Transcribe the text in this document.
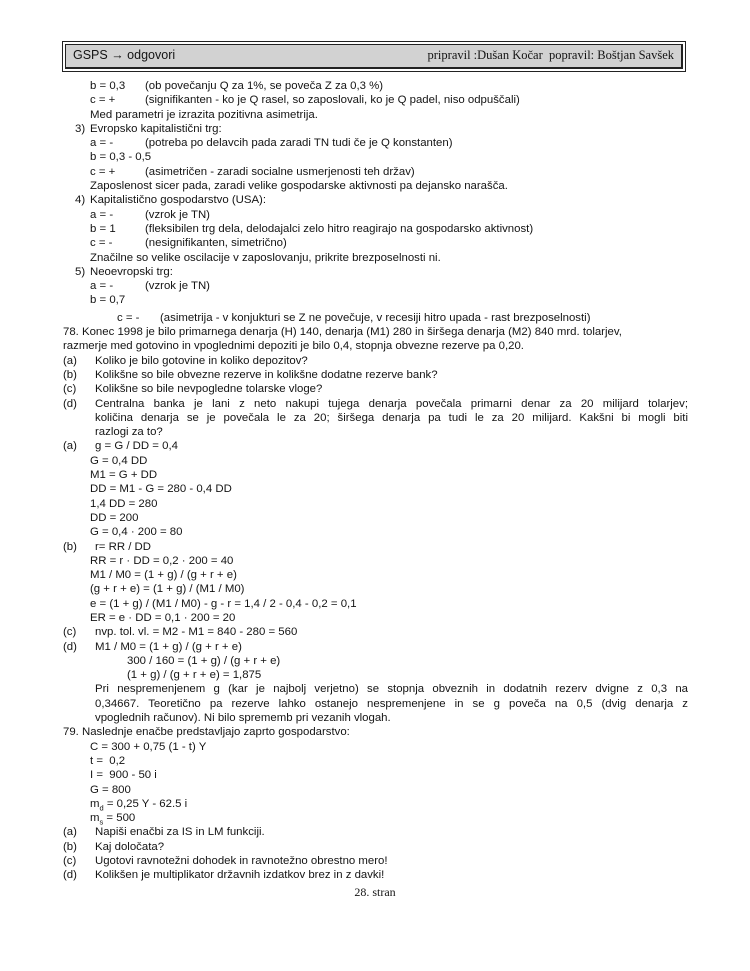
GSPS → odgovori	pripravil :Dušan Kočar  popravil: Boštjan Savšek
b = 0,3	(ob povečanju Q za 1%, se poveča Z za 0,3 %)
c = +	(signifikanten - ko je Q rasel, so zaposlovali, ko je Q padel, niso odpuščali)
Med parametri je izrazita pozitivna asimetrija.
3) Evropsko kapitalistični trg:
a = -	(potreba po delavcih pada zaradi TN tudi če je Q konstanten)
b = 0,3 - 0,5
c = +	(asimetričen - zaradi socialne usmerjenosti teh držav)
Zaposlenost sicer pada, zaradi velike gospodarske aktivnosti pa dejansko narašča.
4) Kapitalistično gospodarstvo (USA):
a = -	(vzrok je TN)
b = 1	(fleksibilen trg dela, delodajalci zelo hitro reagirajo na gospodarsko aktivnost)
c = -	(nesignifikanten, simetrično)
Značilne so velike oscilacije v zaposlovanju, prikrite brezposelnosti ni.
5) Neoevropski trg:
a = -	(vzrok je TN)
b = 0,7
c = -	(asimetrija - v konjukturi se Z ne povečuje, v recesiji hitro upada - rast brezposelnosti)
78. Konec 1998 je bilo primarnega denarja (H) 140, denarja (M1) 280 in širšega denarja (M2) 840 mrd. tolarjev,
razmerje med gotovino in vpoglednimi depoziti je bilo 0,4, stopnja obvezne rezerve pa 0,20.
(a)	Koliko je bilo gotovine in koliko depozitov?
(b)	Kolikšne so bile obvezne rezerve in kolikšne dodatne rezerve bank?
(c)	Kolikšne so bile nevpogledne tolarske vloge?
(d)	Centralna banka je lani z neto nakupi tujega denarja povečala primarni denar za 20 milijard tolarjev;
količina denarja se je povečala le za 20; širšega denarja pa tudi le za 20 milijard. Kakšni bi mogli biti
razlogi za to?
(a)	g = G / DD = 0,4
G = 0,4 DD
M1 = G + DD
DD = M1 - G = 280 - 0,4 DD
1,4 DD = 280
DD = 200
G = 0,4 · 200 = 80
(b)	r= RR / DD
RR = r · DD = 0,2 · 200 = 40
M1 / M0 = (1 + g) / (g + r + e)
(g + r + e) = (1 + g) / (M1 / M0)
e = (1 + g) / (M1 / M0) - g - r = 1,4 / 2 - 0,4 - 0,2 = 0,1
ER = e · DD = 0,1 · 200 = 20
(c)	nvp. tol. vl. = M2 - M1 = 840 - 280 = 560
(d)	M1 / M0 = (1 + g) / (g + r + e)
300 / 160 = (1 + g) / (g + r + e)
(1 + g) / (g + r + e) = 1,875
Pri nespremenjenem g (kar je najbolj verjetno) se stopnja obveznih in dodatnih rezerv dvigne z 0,3 na
0,34667. Teoretično pa rezerve lahko ostanejo nespremenjene in se g poveča na 0,5 (dvig denarja z
vpoglednih računov). Ni bilo sprememb pri vezanih vlogah.
79. Naslednje enačbe predstavljajo zaprto gospodarstvo:
C = 300 + 0,75 (1 - t) Y
t =  0,2
I =  900 - 50 i
G = 800
$m_d = 0,25$ Y - 62.5 i
$m_s = 500$
(a)	Napiši enačbi za IS in LM funkciji.
(b)	Kaj določata?
(c)	Ugotovi ravnotežni dohodek in ravnotežno obrestno mero!
(d)	Kolikšen je multiplikator državnih izdatkov brez in z davki!
28. stran
